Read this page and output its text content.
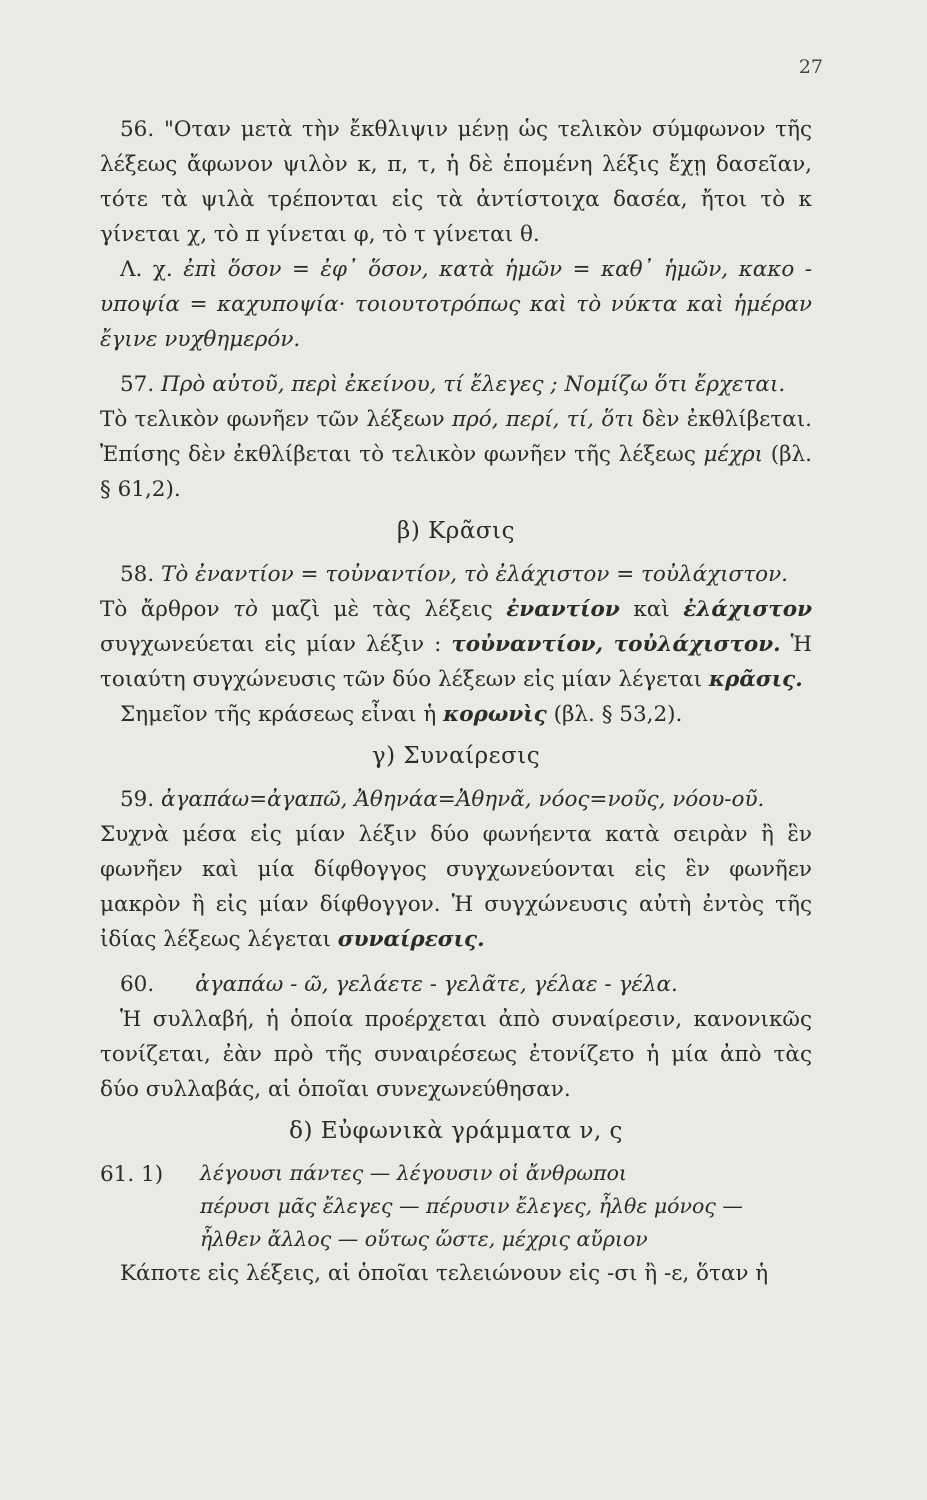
27

56. "Οταν μετὰ τὴν ἔκθλιψιν μένῃ ὡς τελικὸν σύμφωνον τῆς λέξεως ἄφωνον ψιλὸν κ, π, τ, ἡ δὲ ἑπομένη λέξις ἔχῃ δασεῖαν, τότε τὰ ψιλὰ τρέπονται εἰς τὰ ἀντίστοιχα δασέα, ἤτοι τὸ κ γίνεται χ, τὸ π γίνεται φ, τὸ τ γίνεται θ.

Λ. χ. ἐπὶ ὅσον = ἐφ᾿ ὅσον, κατὰ ἡμῶν = καθ᾿ ἡμῶν, κακο - υποψία = καχυποψία· τοιουτοτρόπως καὶ τὸ νύκτα καὶ ἡμέραν ἔγινε νυχθημερόν.

57. Πρὸ αὐτοῦ, περὶ ἐκείνου, τί ἔλεγες ; Νομίζω ὅτι ἔρχεται.

Τὸ τελικὸν φωνῆεν τῶν λέξεων πρό, περί, τί, ὅτι δὲν ἐκθλίβεται. Ἐπίσης δὲν ἐκθλίβεται τὸ τελικὸν φωνῆεν τῆς λέξεως μέχρι (βλ. § 61,2).

β) Κρᾶσις

58. Τὸ ἐναντίον = τοὐναντίον, τὸ ἐλάχιστον = τοὐλάχιστον.

Τὸ ἄρθρον τὸ μαζὶ μὲ τὰς λέξεις ἐναντίον καὶ ἐλάχιστον συγχωνεύεται εἰς μίαν λέξιν : τοὐναντίον, τοὐλάχιστον. Ἡ τοιαύτη συγχώνευσις τῶν δύο λέξεων εἰς μίαν λέγεται κρᾶσις.

Σημεῖον τῆς κράσεως εἶναι ἡ κορωνὶς (βλ. § 53,2).

γ) Συναίρεσις

59. ἀγαπάω=ἀγαπῶ, Ἀθηνάα=Ἀθηνᾶ, νόος=νοῦς, νόου-οῦ.

Συχνὰ μέσα εἰς μίαν λέξιν δύο φωνήεντα κατὰ σειρὰν ἢ ἓν φωνῆεν καὶ μία δίφθογγος συγχωνεύονται εἰς ἓν φωνῆεν μακρὸν ἢ εἰς μίαν δίφθογγον. Ἡ συγχώνευσις αὐτὴ ἐντὸς τῆς ἰδίας λέξεως λέγεται συναίρεσις.

60. ἀγαπάω - ῶ, γελάετε - γελᾶτε, γέλαε - γέλα.

Ἡ συλλαβή, ἡ ὁποία προέρχεται ἀπὸ συναίρεσιν, κανονικῶς τονίζεται, ἐὰν πρὸ τῆς συναιρέσεως ἐτονίζετο ἡ μία ἀπὸ τὰς δύο συλλαβάς, αἱ ὁποῖαι συνεχωνεύθησαν.

δ) Εὐφωνικὰ γράμματα ν, ς
61. 1)	λέγουσι πάντες — λέγουσιν οἱ ἄνθρωποι
πέρυσι μᾶς ἔλεγες — πέρυσιν ἔλεγες, ἦλθε μόνος —
ἦλθεν ἄλλος — οὕτως ὥστε, μέχρις αὔριον

Κάποτε εἰς λέξεις, αἱ ὁποῖαι τελειώνουν εἰς -σι ἢ -ε, ὅταν ἡ
